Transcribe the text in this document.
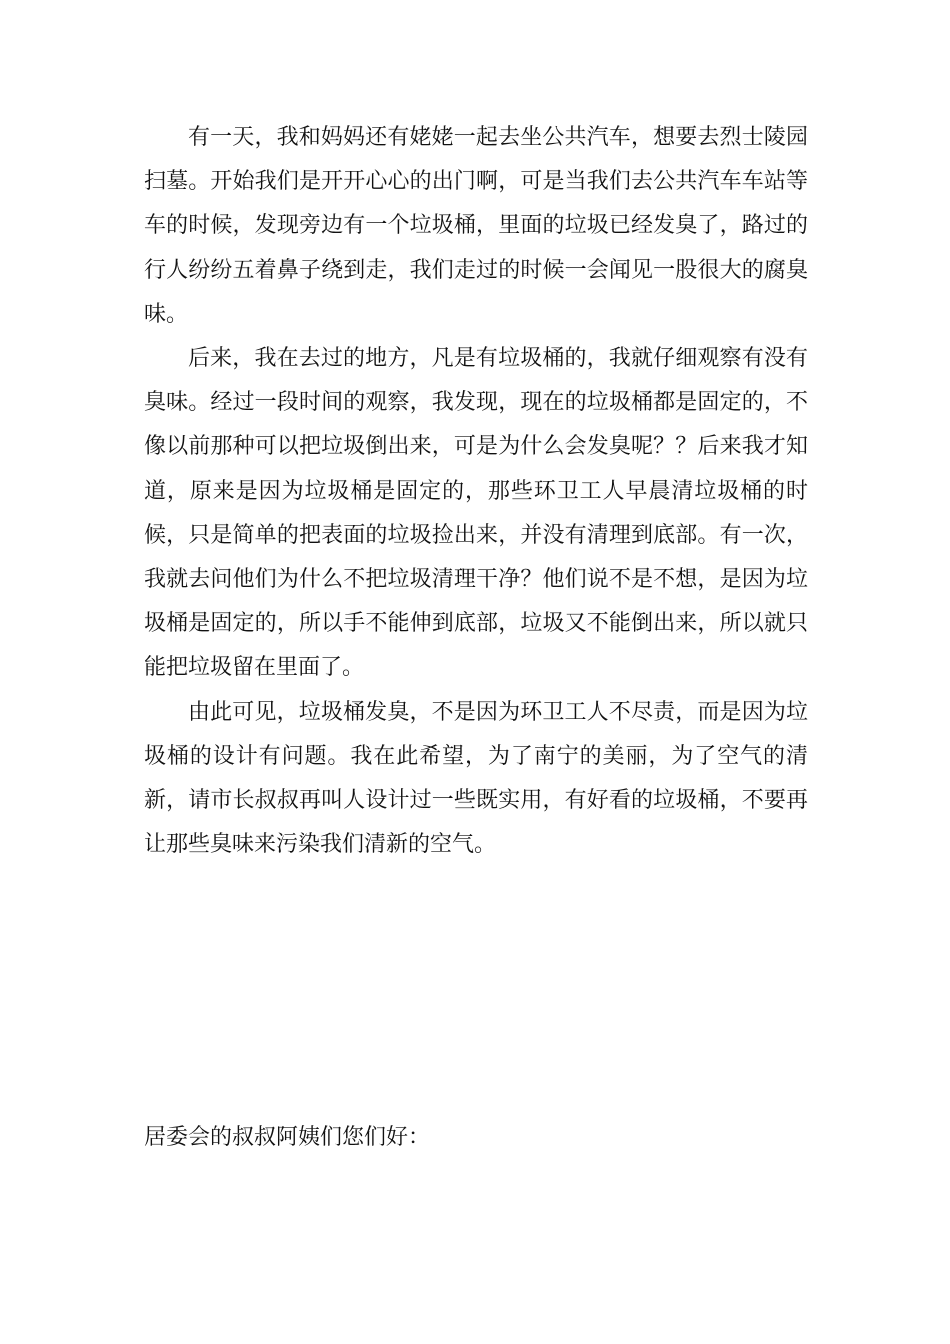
有一天，我和妈妈还有姥姥一起去坐公共汽车，想要去烈士陵园扫墓。开始我们是开开心心的出门啊，可是当我们去公共汽车车站等车的时候，发现旁边有一个垃圾桶，里面的垃圾已经发臭了，路过的行人纷纷五着鼻子绕到走，我们走过的时候一会闻见一股很大的腐臭味。

后来，我在去过的地方，凡是有垃圾桶的，我就仔细观察有没有臭味。经过一段时间的观察，我发现，现在的垃圾桶都是固定的，不像以前那种可以把垃圾倒出来，可是为什么会发臭呢？？后来我才知道，原来是因为垃圾桶是固定的，那些环卫工人早晨清垃圾桶的时候，只是简单的把表面的垃圾捡出来，并没有清理到底部。有一次，我就去问他们为什么不把垃圾清理干净？他们说不是不想，是因为垃圾桶是固定的，所以手不能伸到底部，垃圾又不能倒出来，所以就只能把垃圾留在里面了。

由此可见，垃圾桶发臭，不是因为环卫工人不尽责，而是因为垃圾桶的设计有问题。我在此希望，为了南宁的美丽，为了空气的清新，请市长叔叔再叫人设计过一些既实用，有好看的垃圾桶，不要再让那些臭味来污染我们清新的空气。

居委会的叔叔阿姨们您们好：
